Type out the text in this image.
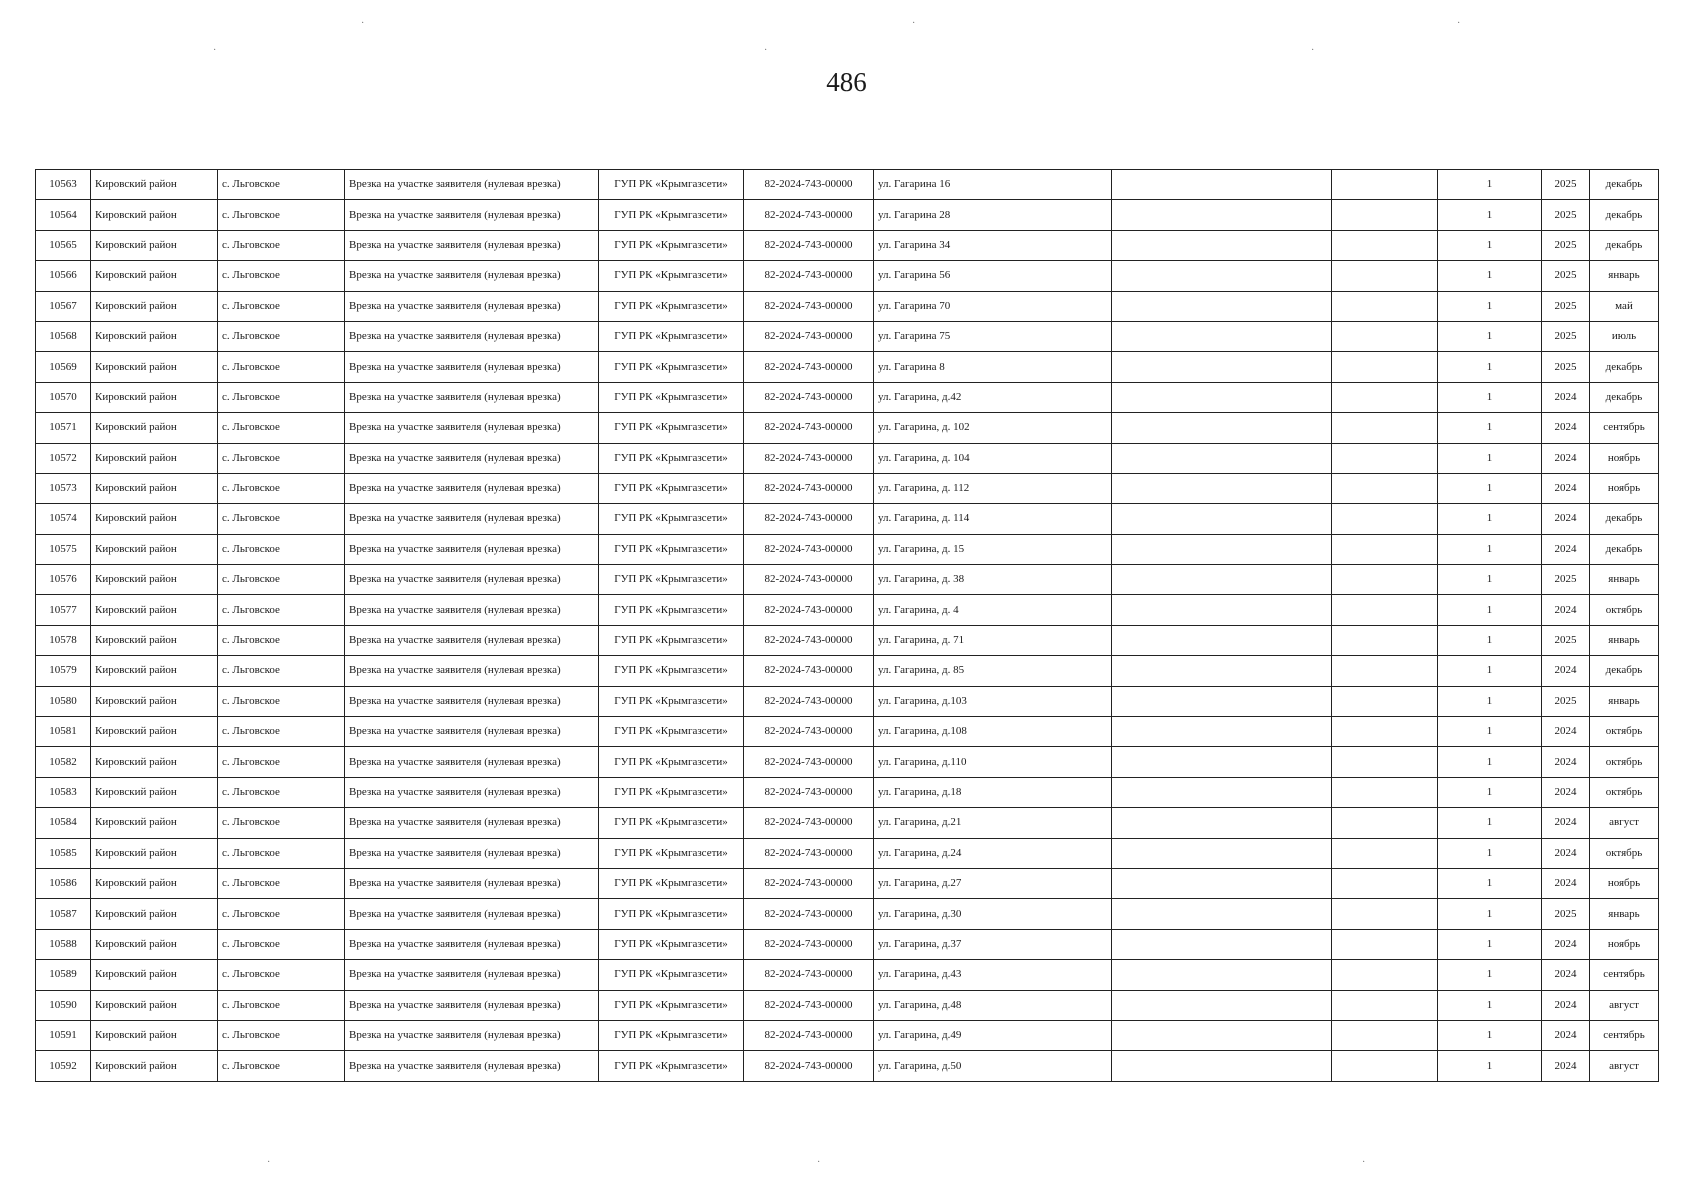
486
·
·	·	·
·
·
·	·	·
10563	Кировский район	с. Льговское	Врезка на участке заявителя (нулевая врезка)	ГУП РК «Крымгазсети»	82-2024-743-00000	ул. Гагарина 16			1	2025	декабрь
10564	Кировский район	с. Льговское	Врезка на участке заявителя (нулевая врезка)	ГУП РК «Крымгазсети»	82-2024-743-00000	ул. Гагарина 28			1	2025	декабрь
10565	Кировский район	с. Льговское	Врезка на участке заявителя (нулевая врезка)	ГУП РК «Крымгазсети»	82-2024-743-00000	ул. Гагарина 34			1	2025	декабрь
10566	Кировский район	с. Льговское	Врезка на участке заявителя (нулевая врезка)	ГУП РК «Крымгазсети»	82-2024-743-00000	ул. Гагарина 56			1	2025	январь
10567	Кировский район	с. Льговское	Врезка на участке заявителя (нулевая врезка)	ГУП РК «Крымгазсети»	82-2024-743-00000	ул. Гагарина 70			1	2025	май
10568	Кировский район	с. Льговское	Врезка на участке заявителя (нулевая врезка)	ГУП РК «Крымгазсети»	82-2024-743-00000	ул. Гагарина 75			1	2025	июль
10569	Кировский район	с. Льговское	Врезка на участке заявителя (нулевая врезка)	ГУП РК «Крымгазсети»	82-2024-743-00000	ул. Гагарина 8			1	2025	декабрь
10570	Кировский район	с. Льговское	Врезка на участке заявителя (нулевая врезка)	ГУП РК «Крымгазсети»	82-2024-743-00000	ул. Гагарина, д.42			1	2024	декабрь
10571	Кировский район	с. Льговское	Врезка на участке заявителя (нулевая врезка)	ГУП РК «Крымгазсети»	82-2024-743-00000	ул. Гагарина, д. 102			1	2024	сентябрь
10572	Кировский район	с. Льговское	Врезка на участке заявителя (нулевая врезка)	ГУП РК «Крымгазсети»	82-2024-743-00000	ул. Гагарина, д. 104			1	2024	ноябрь
10573	Кировский район	с. Льговское	Врезка на участке заявителя (нулевая врезка)	ГУП РК «Крымгазсети»	82-2024-743-00000	ул. Гагарина, д. 112			1	2024	ноябрь
10574	Кировский район	с. Льговское	Врезка на участке заявителя (нулевая врезка)	ГУП РК «Крымгазсети»	82-2024-743-00000	ул. Гагарина, д. 114			1	2024	декабрь
10575	Кировский район	с. Льговское	Врезка на участке заявителя (нулевая врезка)	ГУП РК «Крымгазсети»	82-2024-743-00000	ул. Гагарина, д. 15			1	2024	декабрь
10576	Кировский район	с. Льговское	Врезка на участке заявителя (нулевая врезка)	ГУП РК «Крымгазсети»	82-2024-743-00000	ул. Гагарина, д. 38			1	2025	январь
10577	Кировский район	с. Льговское	Врезка на участке заявителя (нулевая врезка)	ГУП РК «Крымгазсети»	82-2024-743-00000	ул. Гагарина, д. 4			1	2024	октябрь
10578	Кировский район	с. Льговское	Врезка на участке заявителя (нулевая врезка)	ГУП РК «Крымгазсети»	82-2024-743-00000	ул. Гагарина, д. 71			1	2025	январь
10579	Кировский район	с. Льговское	Врезка на участке заявителя (нулевая врезка)	ГУП РК «Крымгазсети»	82-2024-743-00000	ул. Гагарина, д. 85			1	2024	декабрь
10580	Кировский район	с. Льговское	Врезка на участке заявителя (нулевая врезка)	ГУП РК «Крымгазсети»	82-2024-743-00000	ул. Гагарина, д.103			1	2025	январь
10581	Кировский район	с. Льговское	Врезка на участке заявителя (нулевая врезка)	ГУП РК «Крымгазсети»	82-2024-743-00000	ул. Гагарина, д.108			1	2024	октябрь
10582	Кировский район	с. Льговское	Врезка на участке заявителя (нулевая врезка)	ГУП РК «Крымгазсети»	82-2024-743-00000	ул. Гагарина, д.110			1	2024	октябрь
10583	Кировский район	с. Льговское	Врезка на участке заявителя (нулевая врезка)	ГУП РК «Крымгазсети»	82-2024-743-00000	ул. Гагарина, д.18			1	2024	октябрь
10584	Кировский район	с. Льговское	Врезка на участке заявителя (нулевая врезка)	ГУП РК «Крымгазсети»	82-2024-743-00000	ул. Гагарина, д.21			1	2024	август
10585	Кировский район	с. Льговское	Врезка на участке заявителя (нулевая врезка)	ГУП РК «Крымгазсети»	82-2024-743-00000	ул. Гагарина, д.24			1	2024	октябрь
10586	Кировский район	с. Льговское	Врезка на участке заявителя (нулевая врезка)	ГУП РК «Крымгазсети»	82-2024-743-00000	ул. Гагарина, д.27			1	2024	ноябрь
10587	Кировский район	с. Льговское	Врезка на участке заявителя (нулевая врезка)	ГУП РК «Крымгазсети»	82-2024-743-00000	ул. Гагарина, д.30			1	2025	январь
10588	Кировский район	с. Льговское	Врезка на участке заявителя (нулевая врезка)	ГУП РК «Крымгазсети»	82-2024-743-00000	ул. Гагарина, д.37			1	2024	ноябрь
10589	Кировский район	с. Льговское	Врезка на участке заявителя (нулевая врезка)	ГУП РК «Крымгазсети»	82-2024-743-00000	ул. Гагарина, д.43			1	2024	сентябрь
10590	Кировский район	с. Льговское	Врезка на участке заявителя (нулевая врезка)	ГУП РК «Крымгазсети»	82-2024-743-00000	ул. Гагарина, д.48			1	2024	август
10591	Кировский район	с. Льговское	Врезка на участке заявителя (нулевая врезка)	ГУП РК «Крымгазсети»	82-2024-743-00000	ул. Гагарина, д.49			1	2024	сентябрь
10592	Кировский район	с. Льговское	Врезка на участке заявителя (нулевая врезка)	ГУП РК «Крымгазсети»	82-2024-743-00000	ул. Гагарина, д.50			1	2024	август
